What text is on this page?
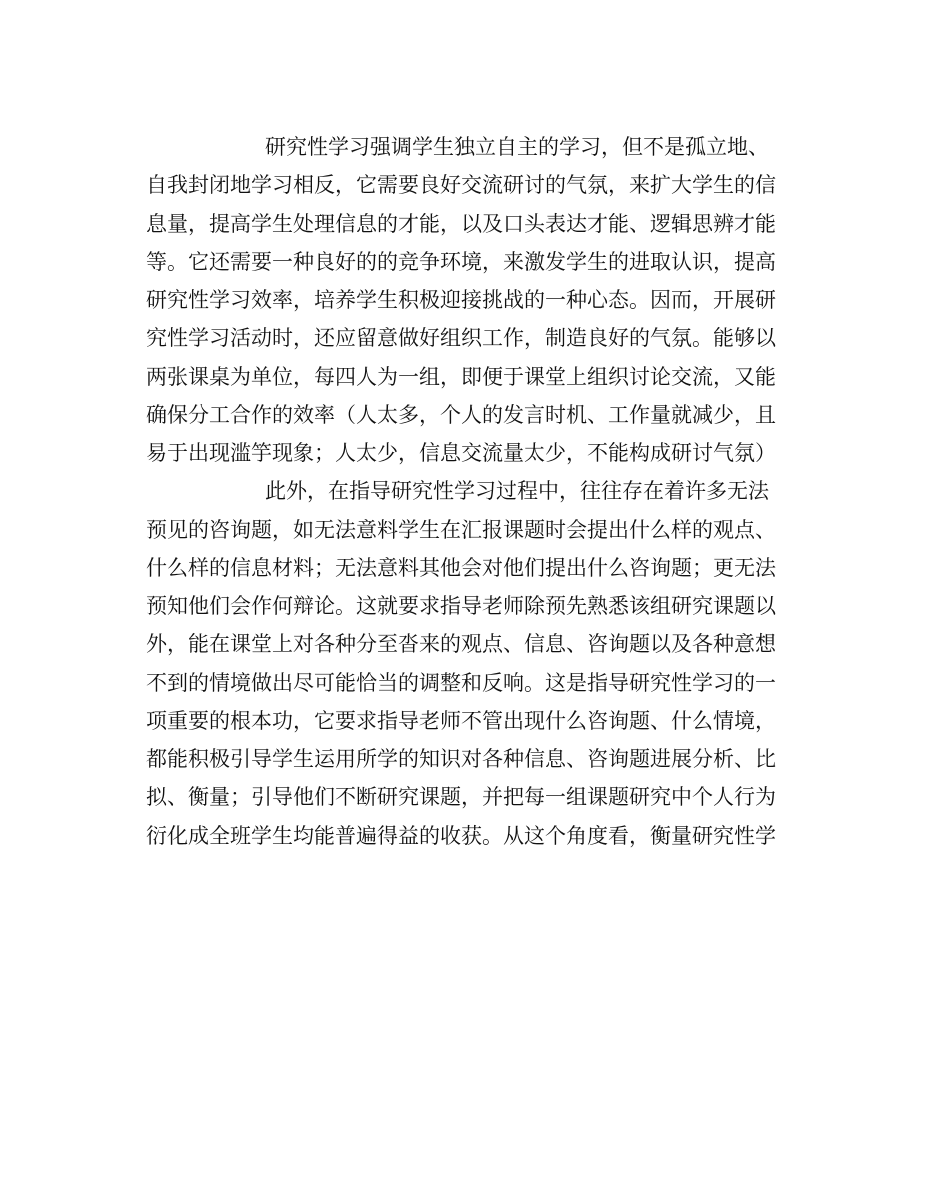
研究性学习强调学生独立自主的学习，但不是孤立地、
自我封闭地学习相反，它需要良好交流研讨的气氛，来扩大学生的信
息量，提高学生处理信息的才能，以及口头表达才能、逻辑思辨才能
等。它还需要一种良好的的竞争环境，来激发学生的进取认识，提高
研究性学习效率，培养学生积极迎接挑战的一种心态。因而，开展研
究性学习活动时，还应留意做好组织工作，制造良好的气氛。能够以
两张课桌为单位，每四人为一组，即便于课堂上组织讨论交流，又能
确保分工合作的效率（人太多，个人的发言时机、工作量就减少，且
易于出现滥竽现象；人太少，信息交流量太少，不能构成研讨气氛）
此外，在指导研究性学习过程中，往往存在着许多无法
预见的咨询题，如无法意料学生在汇报课题时会提出什么样的观点、
什么样的信息材料；无法意料其他会对他们提出什么咨询题；更无法
预知他们会作何辩论。这就要求指导老师除预先熟悉该组研究课题以
外，能在课堂上对各种分至沓来的观点、信息、咨询题以及各种意想
不到的情境做出尽可能恰当的调整和反响。这是指导研究性学习的一
项重要的根本功，它要求指导老师不管出现什么咨询题、什么情境，
都能积极引导学生运用所学的知识对各种信息、咨询题进展分析、比
拟、衡量；引导他们不断研究课题，并把每一组课题研究中个人行为
衍化成全班学生均能普遍得益的收获。从这个角度看，衡量研究性学
